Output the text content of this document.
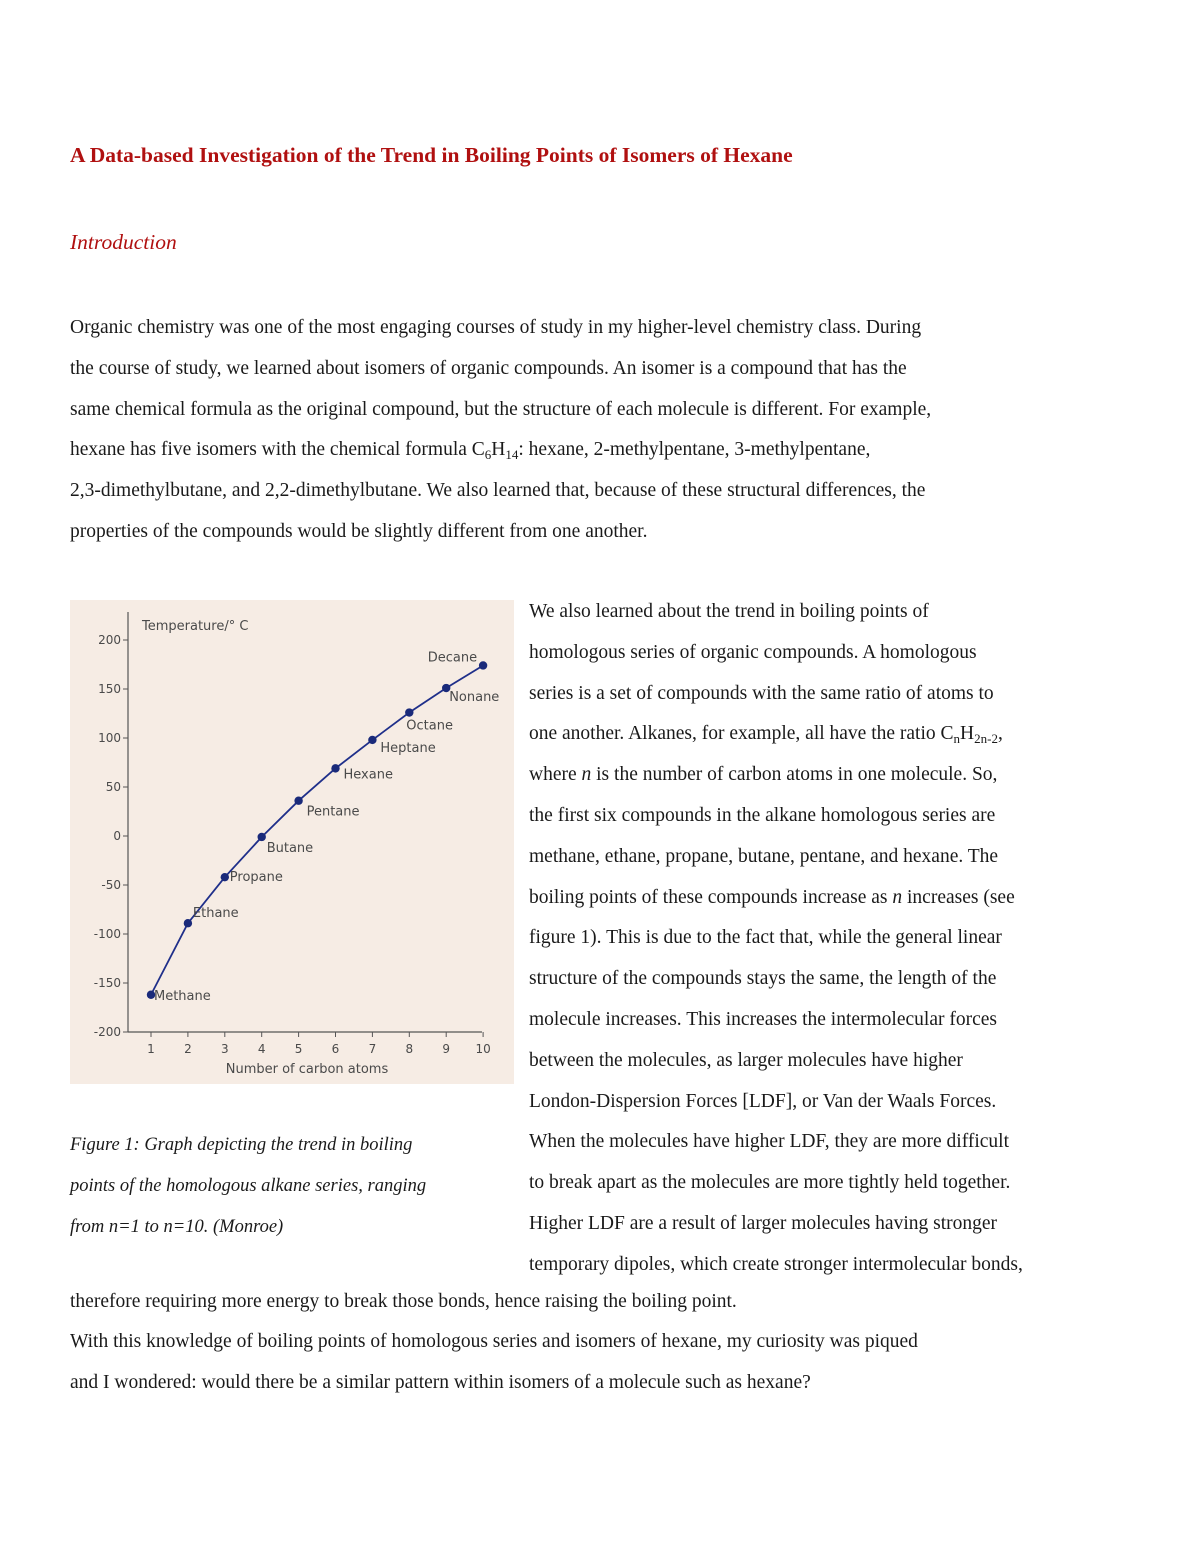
A Data-based Investigation of the Trend in Boiling Points of Isomers of Hexane
Introduction

Organic chemistry was one of the most engaging courses of study in my higher-level chemistry class. During
the course of study, we learned about isomers of organic compounds. An isomer is a compound that has the
same chemical formula as the original compound, but the structure of each molecule is different. For example,
hexane has five isomers with the chemical formula $C_6H_{14}$: hexane, 2-methylpentane, 3-methylpentane,
2,3-dimethylbutane, and 2,2-dimethylbutane. We also learned that, because of these structural differences, the
properties of the compounds would be slightly different from one another.

-200
-150
-100
-50
0
50
100
150
200
1 2 3 4 5 6 7 8 9 10
Temperature/° C
Number of carbon atoms
Methane
Ethane
Propane
Butane
Pentane
Hexane
Heptane
Octane
Nonane
Decane

Figure 1: Graph depicting the trend in boiling
points of the homologous alkane series, ranging
from n=1 to n=10. (Monroe)

We also learned about the trend in boiling points of
homologous series of organic compounds. A homologous
series is a set of compounds with the same ratio of atoms to
one another. Alkanes, for example, all have the ratio $C_nH_{2n-2}$,
where n is the number of carbon atoms in one molecule. So,
the first six compounds in the alkane homologous series are
methane, ethane, propane, butane, pentane, and hexane. The
boiling points of these compounds increase as n increases (see
figure 1). This is due to the fact that, while the general linear
structure of the compounds stays the same, the length of the
molecule increases. This increases the intermolecular forces
between the molecules, as larger molecules have higher
London-Dispersion Forces [LDF], or Van der Waals Forces.
When the molecules have higher LDF, they are more difficult
to break apart as the molecules are more tightly held together.
Higher LDF are a result of larger molecules having stronger
temporary dipoles, which create stronger intermolecular bonds,

therefore requiring more energy to break those bonds, hence raising the boiling point.

With this knowledge of boiling points of homologous series and isomers of hexane, my curiosity was piqued
and I wondered: would there be a similar pattern within isomers of a molecule such as hexane?
